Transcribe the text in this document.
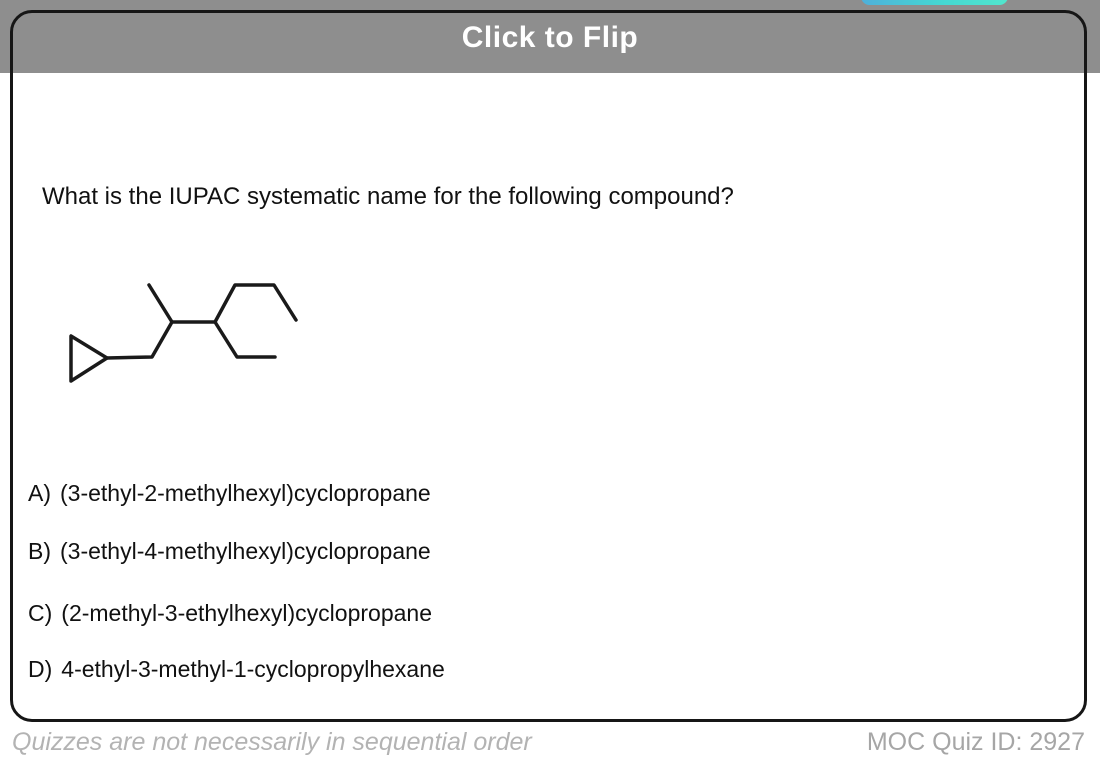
Click to Flip
What is the IUPAC systematic name for the following compound?
A) (3-ethyl-2-methylhexyl)cyclopropane
B) (3-ethyl-4-methylhexyl)cyclopropane
C) (2-methyl-3-ethylhexyl)cyclopropane
D) 4-ethyl-3-methyl-1-cyclopropylhexane
Quizzes are not necessarily in sequential order	MOC Quiz ID: 2927
